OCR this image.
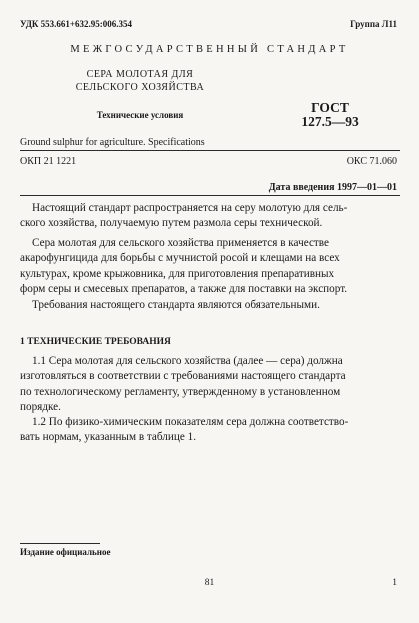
УДК 553.661+632.95:006.354	Группа Л11
МЕЖГОСУДАРСТВЕННЫЙ СТАНДАРТ
СЕРА МОЛОТАЯ ДЛЯ
СЕЛЬСКОГО ХОЗЯЙСТВА
Технические условия
Ground sulphur for agriculture. Specifications
ГОСТ
127.5—93
ОКП 21 1221	ОКС 71.060
Дата введения 1997—01—01
Настоящий стандарт распространяется на серу молотую для сель-
ского хозяйства, получаемую путем размола серы технической.
Сера молотая для сельского хозяйства применяется в качестве
акарофунгицида для борьбы с мучнистой росой и клещами на всех
культурах, кроме крыжовника, для приготовления препаративных
форм серы и смесевых препаратов, а также для поставки на экспорт.
Требования настоящего стандарта являются обязательными.
1 ТЕХНИЧЕСКИЕ ТРЕБОВАНИЯ
1.1 Сера молотая для сельского хозяйства (далее — сера) должна
изготовляться в соответствии с требованиями настоящего стандарта
по технологическому регламенту, утвержденному в установленном
порядке.
1.2 По физико-химическим показателям сера должна соответство-
вать нормам, указанным в таблице 1.
Издание официальное
81	1
